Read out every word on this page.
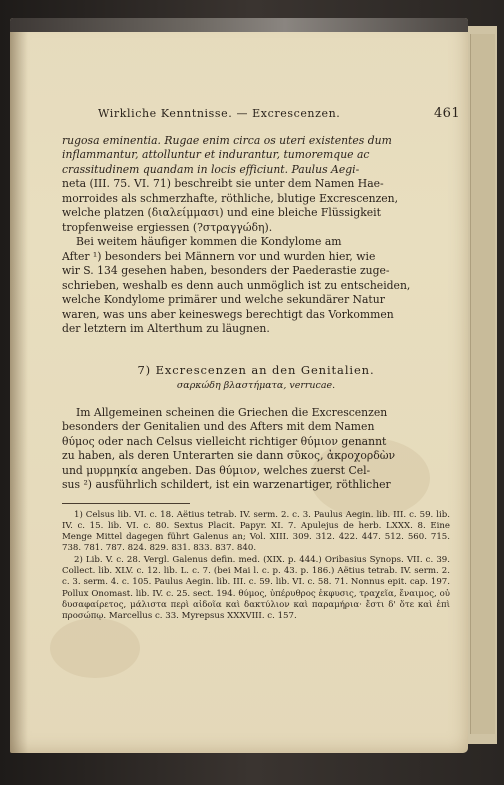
Wirkliche Kenntnisse. — Excrescenzen.	461

rugosa eminentia. Rugae enim circa os uteri existentes dum

inflammantur, attolluntur et indurantur, tumoremque ac

crassitudinem quandam in locis efficiunt. Paulus Aegi-

neta (III. 75. VI. 71) beschreibt sie unter dem Namen Hae-

morroides als schmerzhafte, röthliche, blutige Excrescenzen,

welche platzen (διαλείμμασι) und eine bleiche Flüssigkeit

tropfenweise ergiessen (?στραγγώδη).

Bei weitem häufiger kommen die Kondylome am

After ¹) besonders bei Männern vor und wurden hier, wie

wir S. 134 gesehen haben, besonders der Paederastie zuge-

schrieben, weshalb es denn auch unmöglich ist zu entscheiden,

welche Kondylome primärer und welche sekundärer Natur

waren, was uns aber keineswegs berechtigt das Vorkommen

der letztern im Alterthum zu läugnen.

7) Excrescenzen an den Genitalien.
σαρκώδη βλαστήματα, verrucae.

Im Allgemeinen scheinen die Griechen die Excrescenzen

besonders der Genitalien und des Afters mit dem Namen

θύμος oder nach Celsus vielleicht richtiger θύμιον genannt

zu haben, als deren Unterarten sie dann σῦκος, ἀκροχορδὼν

und μυρμηκία angeben. Das θύμιον, welches zuerst Cel-

sus ²) ausführlich schildert, ist ein warzenartiger, röthlicher

1) Celsus lib. VI. c. 18. Aëtius tetrab. IV. serm. 2. c. 3. Paulus Aegin. lib. III. c. 59. lib. IV. c. 15. lib. VI. c. 80. Sextus Placit. Papyr. XI. 7. Apulejus de herb. LXXX. 8. Eine Menge Mittel dagegen führt Galenus an; Vol. XIII. 309. 312. 422. 447. 512. 560. 715. 738. 781. 787. 824. 829. 831. 833. 837. 840.

2) Lib. V. c. 28. Vergl. Galenus defin. med. (XIX. p. 444.) Oribasius Synops. VII. c. 39. Collect. lib. XLV. c. 12. lib. L. c. 7. (bei Mai l. c. p. 43. p. 186.) Aëtius tetrab. IV. serm. 2. c. 3. serm. 4. c. 105. Paulus Aegin. lib. III. c. 59. lib. VI. c. 58. 71. Nonnus epit. cap. 197. Pollux Onomast. lib. IV. c. 25. sect. 194. θύμος, ὑπέρυθρος ἐκφυσις, τραχεῖα, ἔναιμος, οὐ δυσαφαίρετος, μάλιστα περὶ αἰδοῖα καὶ δακτύλιον καὶ παραμήρια· ἔστι δ' ὅτε καὶ ἐπὶ προσώπῳ. Marcellus c. 33. Myrepsus XXXVIII. c. 157.
